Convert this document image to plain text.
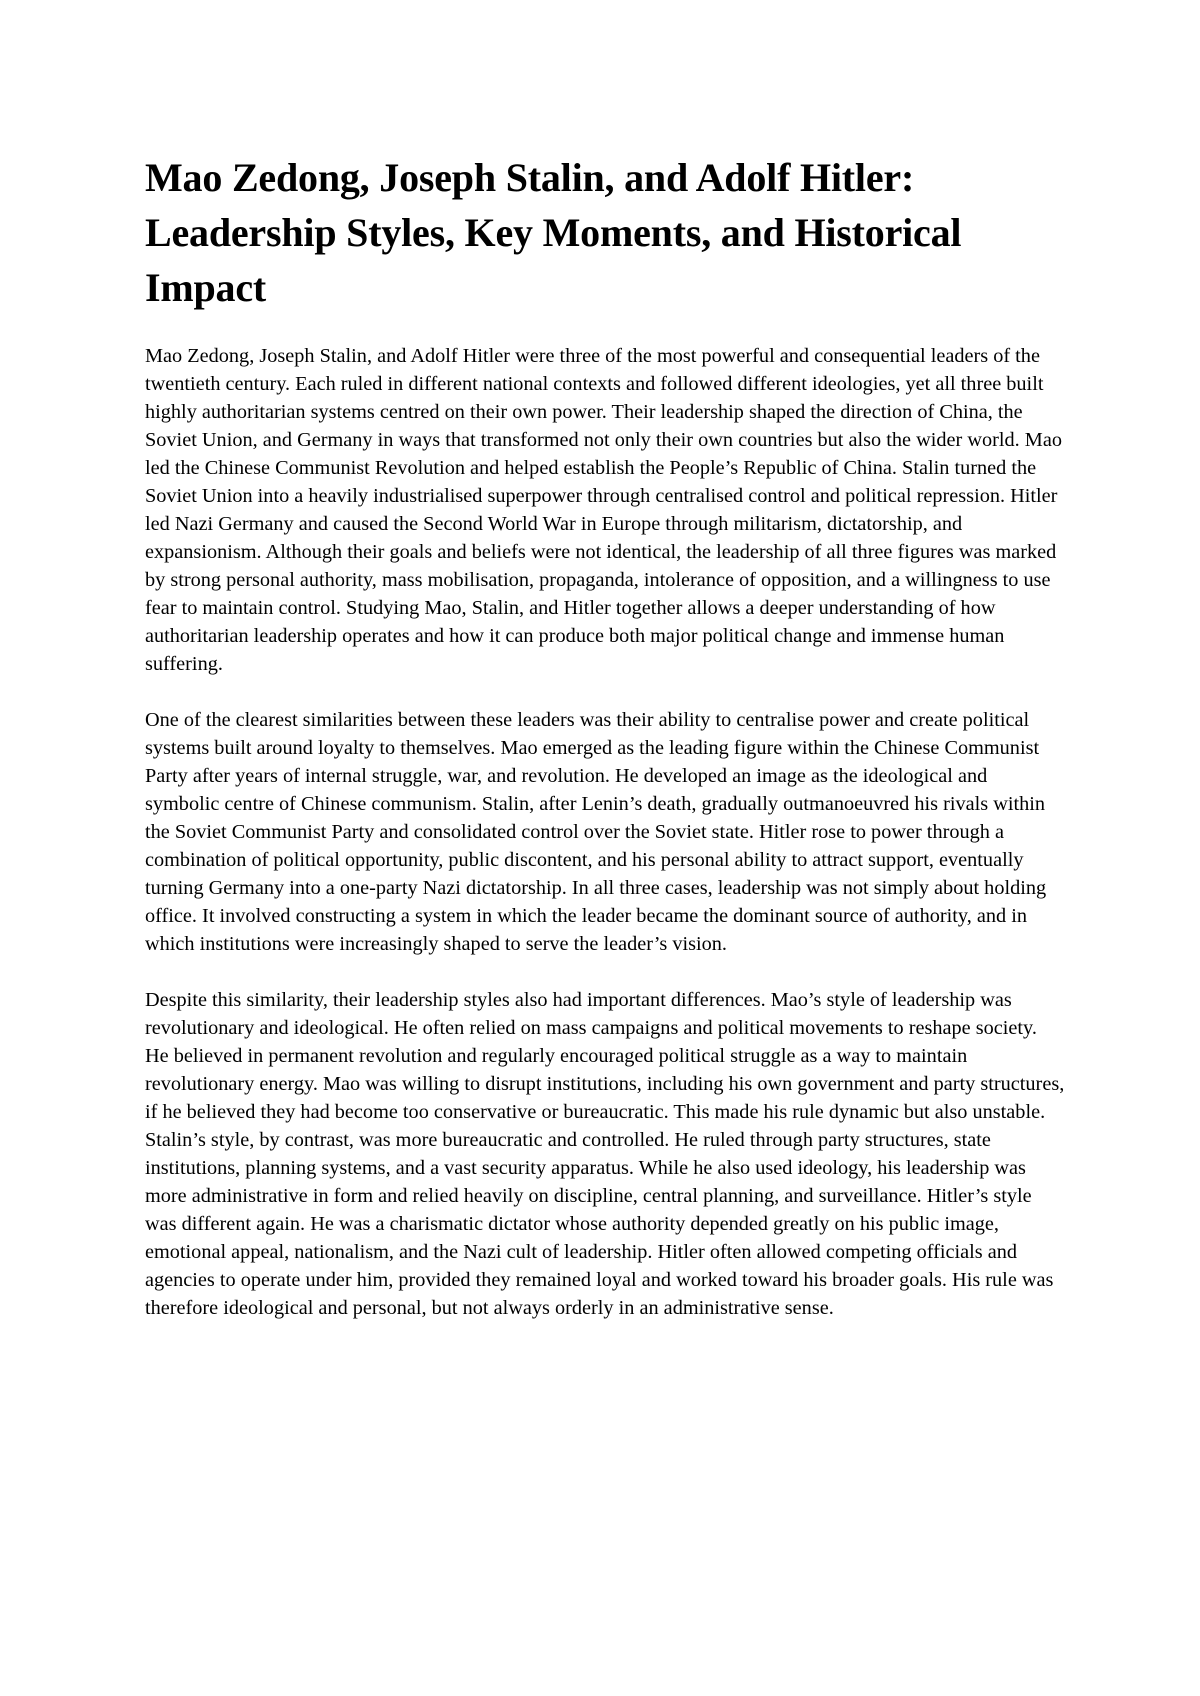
Mao Zedong, Joseph Stalin, and Adolf Hitler: Leadership Styles, Key Moments, and Historical Impact

Mao Zedong, Joseph Stalin, and Adolf Hitler were three of the most powerful and consequential leaders of the twentieth century. Each ruled in different national contexts and followed different ideologies, yet all three built highly authoritarian systems centred on their own power. Their leadership shaped the direction of China, the Soviet Union, and Germany in ways that transformed not only their own countries but also the wider world. Mao led the Chinese Communist Revolution and helped establish the People’s Republic of China. Stalin turned the Soviet Union into a heavily industrialised superpower through centralised control and political repression. Hitler led Nazi Germany and caused the Second World War in Europe through militarism, dictatorship, and expansionism. Although their goals and beliefs were not identical, the leadership of all three figures was marked by strong personal authority, mass mobilisation, propaganda, intolerance of opposition, and a willingness to use fear to maintain control. Studying Mao, Stalin, and Hitler together allows a deeper understanding of how authoritarian leadership operates and how it can produce both major political change and immense human suffering.

One of the clearest similarities between these leaders was their ability to centralise power and create political systems built around loyalty to themselves. Mao emerged as the leading figure within the Chinese Communist Party after years of internal struggle, war, and revolution. He developed an image as the ideological and symbolic centre of Chinese communism. Stalin, after Lenin’s death, gradually outmanoeuvred his rivals within the Soviet Communist Party and consolidated control over the Soviet state. Hitler rose to power through a combination of political opportunity, public discontent, and his personal ability to attract support, eventually turning Germany into a one-party Nazi dictatorship. In all three cases, leadership was not simply about holding office. It involved constructing a system in which the leader became the dominant source of authority, and in which institutions were increasingly shaped to serve the leader’s vision.

Despite this similarity, their leadership styles also had important differences. Mao’s style of leadership was revolutionary and ideological. He often relied on mass campaigns and political movements to reshape society. He believed in permanent revolution and regularly encouraged political struggle as a way to maintain revolutionary energy. Mao was willing to disrupt institutions, including his own government and party structures, if he believed they had become too conservative or bureaucratic. This made his rule dynamic but also unstable. Stalin’s style, by contrast, was more bureaucratic and controlled. He ruled through party structures, state institutions, planning systems, and a vast security apparatus. While he also used ideology, his leadership was more administrative in form and relied heavily on discipline, central planning, and surveillance. Hitler’s style was different again. He was a charismatic dictator whose authority depended greatly on his public image, emotional appeal, nationalism, and the Nazi cult of leadership. Hitler often allowed competing officials and agencies to operate under him, provided they remained loyal and worked toward his broader goals. His rule was therefore ideological and personal, but not always orderly in an administrative sense.
